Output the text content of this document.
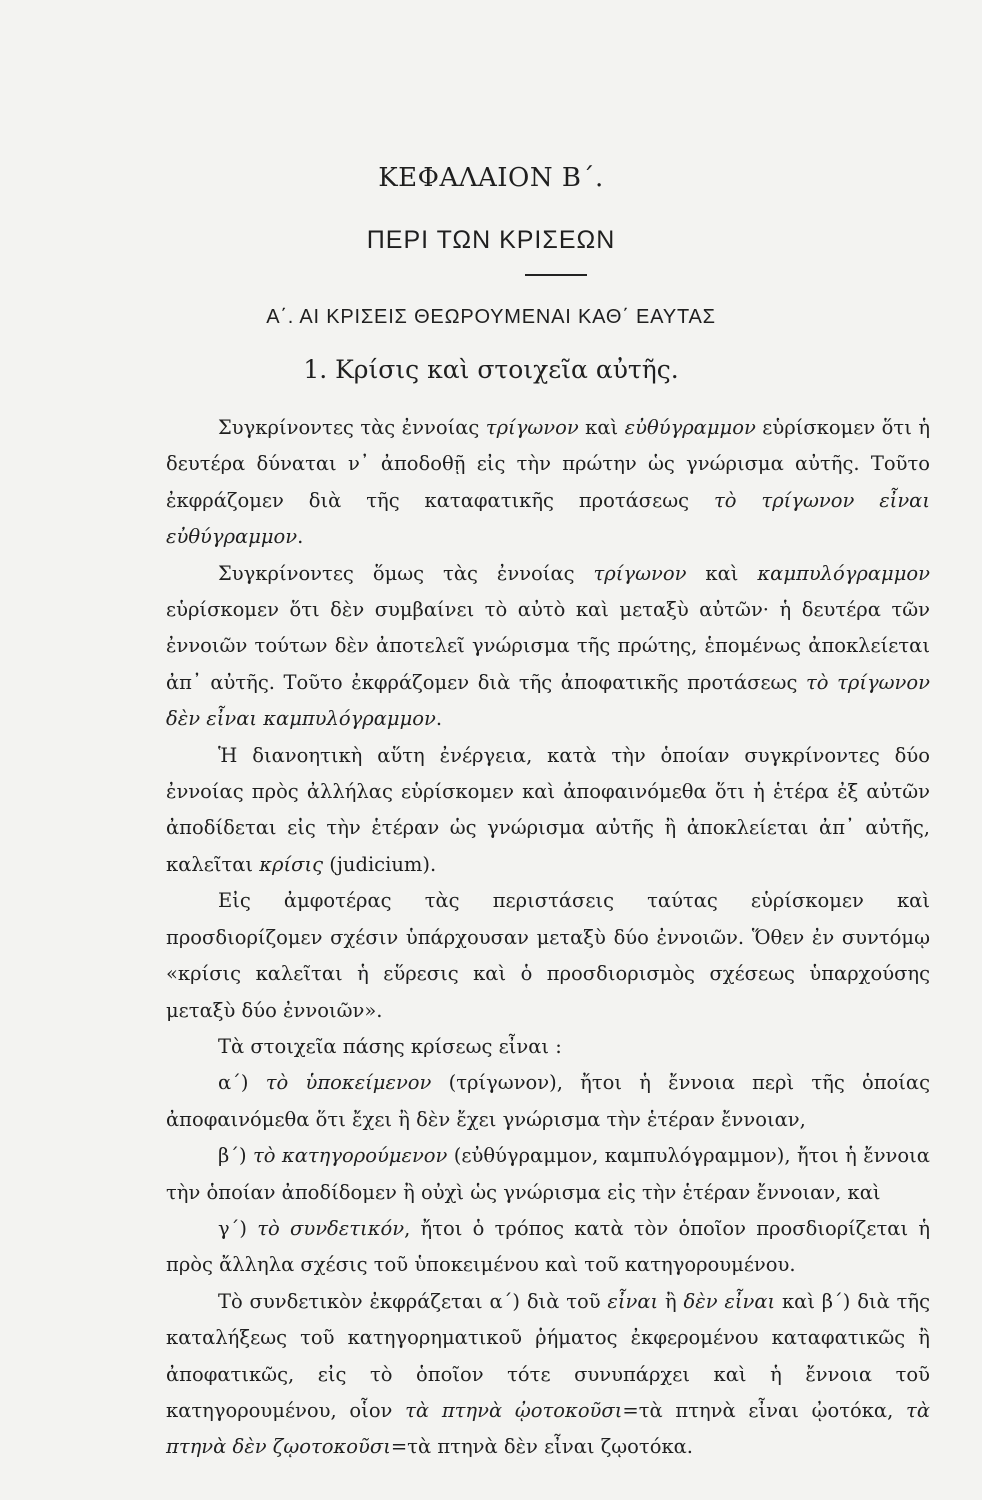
ΚΕΦΑΛΑΙΟΝ Β΄.
ΠΕΡΙ ΤΩΝ ΚΡΙΣΕΩΝ
Α΄. ΑΙ ΚΡΙΣΕΙΣ ΘΕΩΡΟΥΜΕΝΑΙ ΚΑΘ΄ ΕΑΥΤΑΣ
1. Κρίσις καὶ στοιχεῖα αὐτῆς.

Συγκρίνοντες τὰς ἐννοίας τρίγωνον καὶ εὐθύγραμμον εὑρίσκομεν ὅτι ἡ δευτέρα δύναται ν᾽ ἀποδοθῇ εἰς τὴν πρώτην ὡς γνώρισμα αὐτῆς. Τοῦτο ἐκφράζομεν διὰ τῆς καταφατικῆς προτάσεως τὸ τρίγωνον εἶναι εὐθύγραμμον.

Συγκρίνοντες ὅμως τὰς ἐννοίας τρίγωνον καὶ καμπυλόγραμμον εὑρίσκομεν ὅτι δὲν συμβαίνει τὸ αὐτὸ καὶ μεταξὺ αὐτῶν· ἡ δευτέρα τῶν ἐννοιῶν τούτων δὲν ἀποτελεῖ γνώρισμα τῆς πρώτης, ἑπομένως ἀποκλείεται ἀπ᾽ αὐτῆς. Τοῦτο ἐκφράζομεν διὰ τῆς ἀποφατικῆς προτάσεως τὸ τρίγωνον δὲν εἶναι καμπυλόγραμμον.

Ἡ διανοητικὴ αὕτη ἐνέργεια, κατὰ τὴν ὁποίαν συγκρίνοντες δύο ἐννοίας πρὸς ἀλλήλας εὑρίσκομεν καὶ ἀποφαινόμεθα ὅτι ἡ ἑτέρα ἐξ αὐτῶν ἀποδίδεται εἰς τὴν ἑτέραν ὡς γνώρισμα αὐτῆς ἢ ἀποκλείεται ἀπ᾽ αὐτῆς, καλεῖται κρίσις (judicium).

Εἰς ἀμφοτέρας τὰς περιστάσεις ταύτας εὑρίσκομεν καὶ προσδιορίζομεν σχέσιν ὑπάρχουσαν μεταξὺ δύο ἐννοιῶν. Ὅθεν ἐν συντόμῳ «κρίσις καλεῖται ἡ εὕρεσις καὶ ὁ προσδιορισμὸς σχέσεως ὑπαρχούσης μεταξὺ δύο ἐννοιῶν».

Τὰ στοιχεῖα πάσης κρίσεως εἶναι :

α΄) τὸ ὑποκείμενον (τρίγωνον), ἤτοι ἡ ἔννοια περὶ τῆς ὁποίας ἀποφαινόμεθα ὅτι ἔχει ἢ δὲν ἔχει γνώρισμα τὴν ἑτέραν ἔννοιαν,

β΄) τὸ κατηγορούμενον (εὐθύγραμμον, καμπυλόγραμμον), ἤτοι ἡ ἔννοια τὴν ὁποίαν ἀποδίδομεν ἢ οὐχὶ ὡς γνώρισμα εἰς τὴν ἑτέραν ἔννοιαν, καὶ

γ΄) τὸ συνδετικόν, ἤτοι ὁ τρόπος κατὰ τὸν ὁποῖον προσδιορίζεται ἡ πρὸς ἄλληλα σχέσις τοῦ ὑποκειμένου καὶ τοῦ κατηγορουμένου.

Τὸ συνδετικὸν ἐκφράζεται α΄) διὰ τοῦ εἶναι ἢ δὲν εἶναι καὶ β΄) διὰ τῆς καταλήξεως τοῦ κατηγορηματικοῦ ῥήματος ἐκφερομένου καταφατικῶς ἢ ἀποφατικῶς, εἰς τὸ ὁποῖον τότε συνυπάρχει καὶ ἡ ἔννοια τοῦ κατηγορουμένου, οἷον τὰ πτηνὰ ᾠοτοκοῦσι=τὰ πτηνὰ εἶναι ᾠοτόκα, τὰ πτηνὰ δὲν ζῳοτοκοῦσι=τὰ πτηνὰ δὲν εἶναι ζῳοτόκα.
